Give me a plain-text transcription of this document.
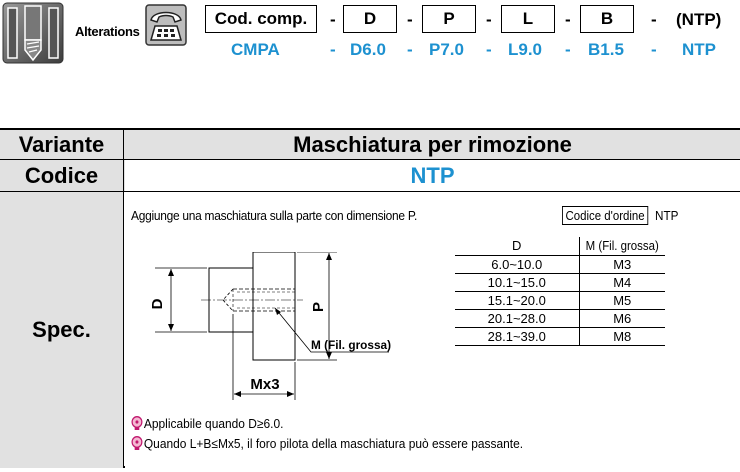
Alterations
Cod. comp.	-	D	-	P	-	L	-	B	- (NTP)
CMPA	- D6.0 - P7.0 - L9.0 - B1.5 - NTP
Variante	Maschiatura per rimozione
Codice	NTP
Spec.
Aggiunge una maschiatura sulla parte con dimensione P.	Codice d'ordine NTP
D	P
Mx3
M (Fil. grossa)
D	M (Fil. grossa)
6.0~10.0	M3
10.1~15.0	M4
15.1~20.0	M5
20.1~28.0	M6
28.1~39.0	M8
Applicabile quando D≥6.0.
Quando L+B≤Mx5, il foro pilota della maschiatura può essere passante.
